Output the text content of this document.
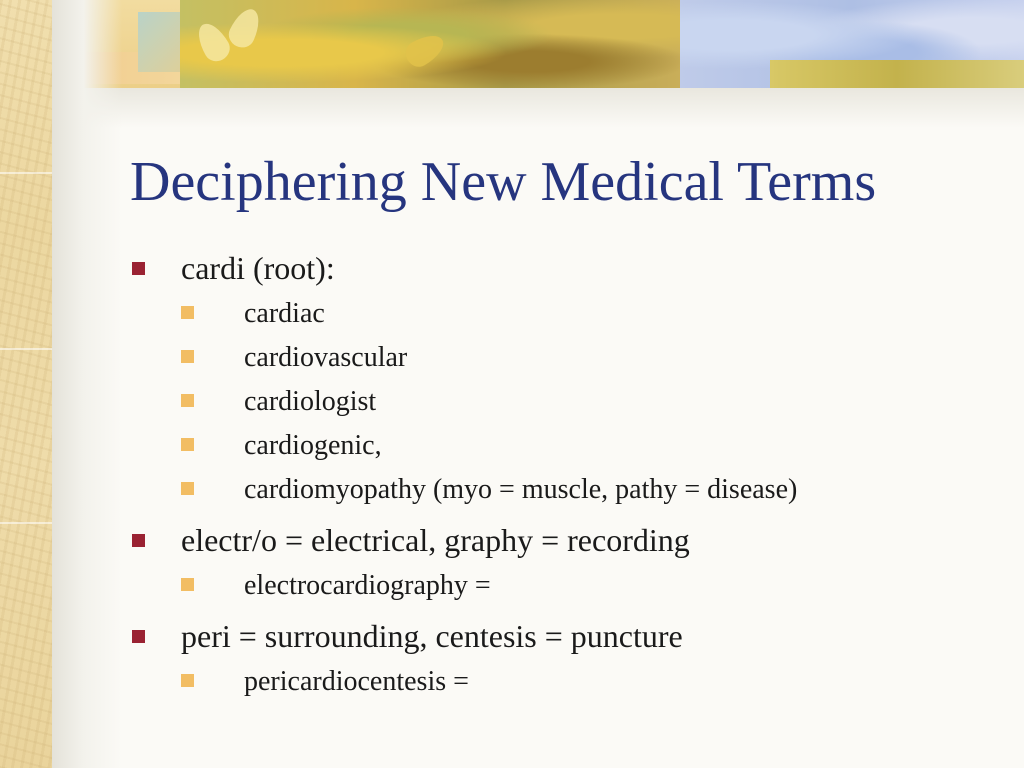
Deciphering New Medical Terms
cardi (root):
cardiac
cardiovascular
cardiologist
cardiogenic,
cardiomyopathy (myo = muscle, pathy = disease)
electr/o = electrical, graphy = recording
electrocardiography =
peri = surrounding, centesis = puncture
pericardiocentesis =
